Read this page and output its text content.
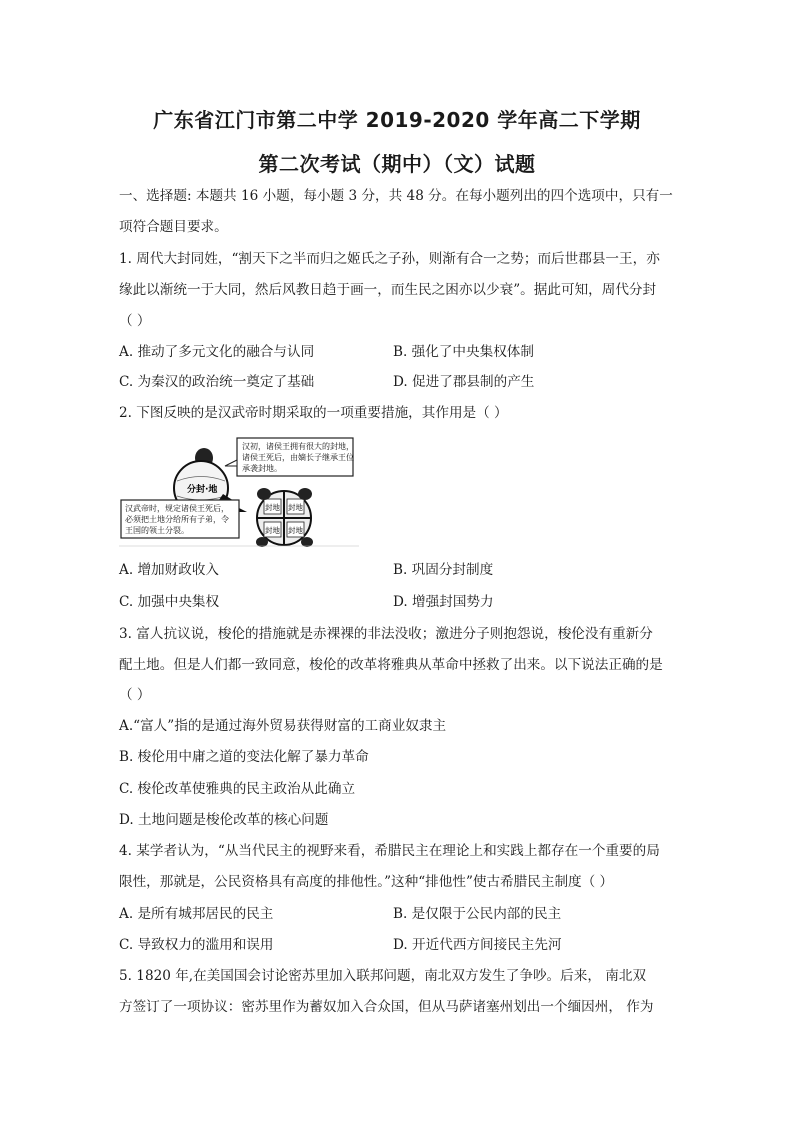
广东省江门市第二中学 2019-2020 学年高二下学期
第二次考试（期中）（文）试题
一、选择题: 本题共 16 小题，每小题 3 分，共 48 分。在每小题列出的四个选项中，只有一
项符合题目要求。
1. 周代大封同姓，“割天下之半而归之姬氏之子孙，则渐有合一之势；而后世郡县一王，亦
缘此以渐统一于大同，然后风教日趋于画一，而生民之困亦以少衰”。据此可知，周代分封
（ ）
A. 推动了多元文化的融合与认同	B. 强化了中央集权体制
C. 为秦汉的政治统一奠定了基础	D. 促进了郡县制的产生
2. 下图反映的是汉武帝时期采取的一项重要措施，其作用是（ ）
汉初，诸侯王拥有很大的封地，
诸侯王死后，由嫡长子继承王位
承袭封地。
分封·地
封地 封地
封地 封地
汉武帝时，规定诸侯王死后，
必须把土地分给所有子弟，令
王国的领土分裂。
A. 增加财政收入	B. 巩固分封制度
C. 加强中央集权	D. 增强封国势力
3. 富人抗议说，梭伦的措施就是赤裸裸的非法没收；激进分子则抱怨说，梭伦没有重新分
配土地。但是人们都一致同意，梭伦的改革将雅典从革命中拯救了出来。以下说法正确的是
（ ）
A.“富人”指的是通过海外贸易获得财富的工商业奴隶主
B. 梭伦用中庸之道的变法化解了暴力革命
C. 梭伦改革使雅典的民主政治从此确立
D. 土地问题是梭伦改革的核心问题
4. 某学者认为，“从当代民主的视野来看，希腊民主在理论上和实践上都存在一个重要的局
限性，那就是，公民资格具有高度的排他性。”这种“排他性”使古希腊民主制度（ ）
A. 是所有城邦居民的民主	B. 是仅限于公民内部的民主
C. 导致权力的滥用和误用	D. 开近代西方间接民主先河
5. 1820 年,在美国国会讨论密苏里加入联邦问题，南北双方发生了争吵。后来， 南北双
方签订了一项协议：密苏里作为蓄奴加入合众国，但从马萨诸塞州划出一个缅因州， 作为
